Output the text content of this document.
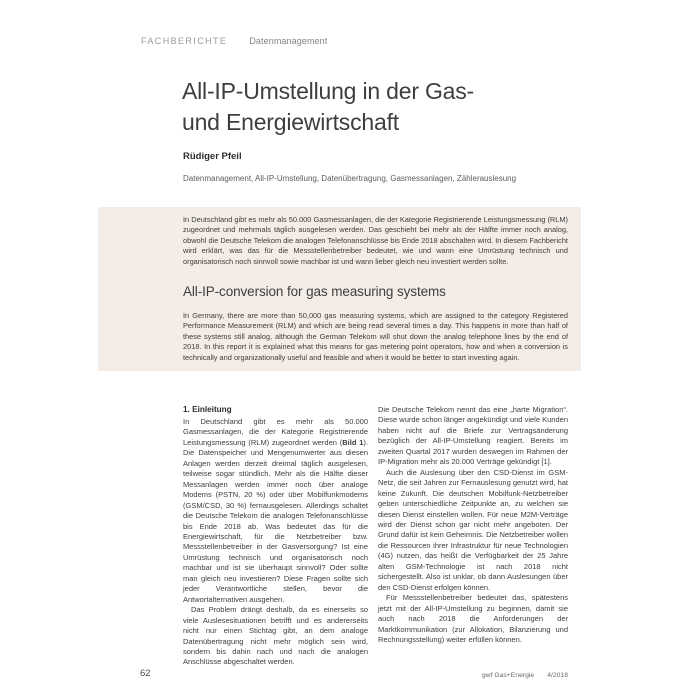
FACHBERICHTE Datenmanagement
All-IP-Umstellung in der Gas-
und Energiewirtschaft
Rüdiger Pfeil
Datenmanagement, All-IP-Umstellung, Datenübertragung, Gasmessanlagen, Zählerauslesung

In Deutschland gibt es mehr als 50.000 Gasmessanlagen, die der Kategorie Registrierende Leistungsmessung (RLM) zugeordnet und mehrmals täglich ausgelesen werden. Das geschieht bei mehr als der Hälfte immer noch analog, obwohl die Deutsche Telekom die analogen Telefonanschlüsse bis Ende 2018 abschalten wird. In diesem Fachbericht wird erklärt, was das für die Messstellenbetreiber bedeutet, wie und wann eine Umrüstung technisch und organisatorisch noch sinnvoll sowie machbar ist und wann lieber gleich neu investiert werden sollte.

All-IP-conversion for gas measuring systems

In Germany, there are more than 50,000 gas measuring systems, which are assigned to the category Registered Performance Measurement (RLM) and which are being read several times a day. This happens in more than half of these systems still analog, although the German Telekom will shut down the analog telephone lines by the end of 2018. In this report it is explained what this means for gas metering point operators, how and when a conversion is technically and organizationally useful and feasible and when it would be better to start investing again.

1. Einleitung

In Deutschland gibt es mehr als 50.000 Gasmessanlagen, die der Kategorie Registrierende Leistungsmessung (RLM) zugeordnet werden (Bild 1). Die Datenspeicher und Mengenumwerter aus diesen Anlagen werden derzeit dreimal täglich ausgelesen, teilweise sogar stündlich. Mehr als die Hälfte dieser Messanlagen werden immer noch über analoge Modems (PSTN, 20 %) oder über Mobilfunkmodems (GSM/CSD, 30 %) fernausgelesen. Allerdings schaltet die Deutsche Telekom die analogen Telefonanschlüsse bis Ende 2018 ab. Was bedeutet das für die Energiewirtschaft, für die Netzbetreiber bzw. Messstellenbetreiber in der Gasversorgung? Ist eine Umrüstung technisch und organisatorisch noch machbar und ist sie überhaupt sinnvoll? Oder sollte man gleich neu investieren? Diese Fragen sollte sich jeder Verantwortliche stellen, bevor die Antwortalternativen ausgehen.

Das Problem drängt deshalb, da es einerseits so viele Auslesesituationen betrifft und es andererseits nicht nur einen Stichtag gibt, an dem analoge Datenübertragung nicht mehr möglich sein wird, sondern bis dahin nach und nach die analogen Anschlüsse abgeschaltet werden.

Die Deutsche Telekom nennt das eine „harte Migration“. Diese wurde schon länger angekündigt und viele Kunden haben nicht auf die Briefe zur Vertragsänderung bezüglich der All-IP-Umstellung reagiert. Bereits im zweiten Quartal 2017 wurden deswegen im Rahmen der IP-Migration mehr als 20.000 Verträge gekündigt [1].

Auch die Auslesung über den CSD-Dienst im GSM-Netz, die seit Jahren zur Fernauslesung genutzt wird, hat keine Zukunft. Die deutschen Mobilfunk-Netzbetreiber geben unterschiedliche Zeitpunkte an, zu welchen sie diesen Dienst einstellen wollen. Für neue M2M-Verträge wird der Dienst schon gar nicht mehr angeboten. Der Grund dafür ist kein Geheimnis. Die Netzbetreiber wollen die Ressourcen ihrer Infrastruktur für neue Technologien (4G) nutzen, das heißt die Verfügbarkeit der 25 Jahre alten GSM-Technologie ist nach 2018 nicht sichergestellt. Also ist unklar, ob dann Auslesungen über den CSD-Dienst erfolgen können.

Für Messstellenbetreiber bedeutet das, spätestens jetzt mit der All-IP-Umstellung zu beginnen, damit sie auch nach 2018 die Anforderungen der Marktkommunikation (zur Allokation, Bilanzierung und Rechnungsstellung) weiter erfüllen können.

62	gwf Gas+Energie 4/2018
